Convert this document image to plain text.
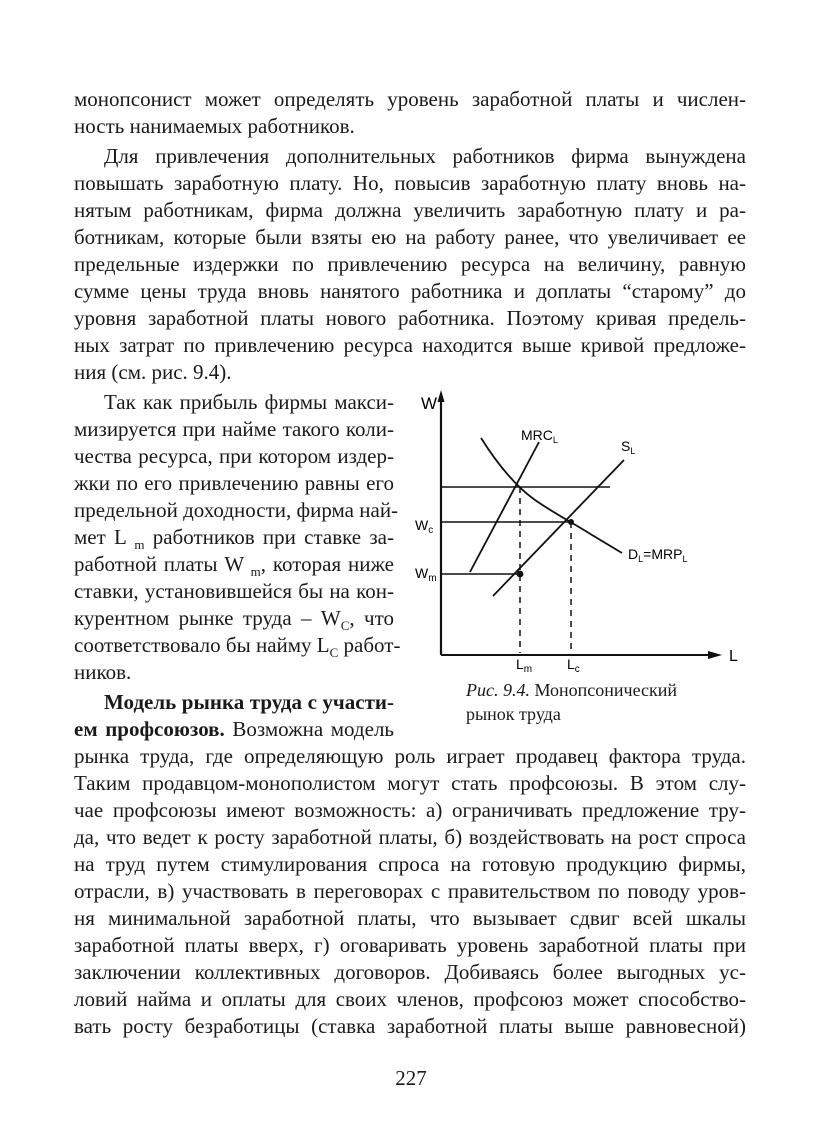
монопсонист может определять уровень заработной платы и числен-
ность нанимаемых работников.
Для привлечения дополнительных работников фирма вынуждена
повышать заработную плату. Но, повысив заработную плату вновь на-
нятым работникам, фирма должна увеличить заработную плату и ра-
ботникам, которые были взяты ею на работу ранее, что увеличивает ее
предельные издержки по привлечению ресурса на величину, равную
сумме цены труда вновь нанятого работника и доплаты “старому” до
уровня заработной платы нового работника. Поэтому кривая предель-
ных затрат по привлечению ресурса находится выше кривой предложе-
ния (см. рис. 9.4).
Так как прибыль фирмы макси-
мизируется при найме такого коли-
чества ресурса, при котором издер-
жки по его привлечению равны его
предельной доходности, фирма най-
мет L $_m$ работников при ставке за-
работной платы W $_m$, которая ниже
ставки, установившейся бы на кон-
курентном рынке труда – $W_C$, что
соответствовало бы найму $L_C$ работ-
ников.
Модель рынка труда с участи-
ем профсоюзов. Возможна модель
рынка труда, где определяющую роль играет продавец фактора труда.
Таким продавцом-монополистом могут стать профсоюзы. В этом слу-
чае профсоюзы имеют возможность: а) ограничивать предложение тру-
да, что ведет к росту заработной платы, б) воздействовать на рост спроса
на труд путем стимулирования спроса на готовую продукцию фирмы,
отрасли, в) участвовать в переговорах с правительством по поводу уров-
ня минимальной заработной платы, что вызывает сдвиг всей шкалы
заработной платы вверх, г) оговаривать уровень заработной платы при
заключении коллективных договоров. Добиваясь более выгодных ус-
ловий найма и оплаты для своих членов, профсоюз может способство-
вать росту безработицы (ставка заработной платы выше равновесной)
W
L
$MRC_L$	$S_L$
$D_L=MRP_L$
$W_c$
$W_m$
$L_m$ $L_c$
Рис. 9.4. Монопсонический
рынок труда
227
